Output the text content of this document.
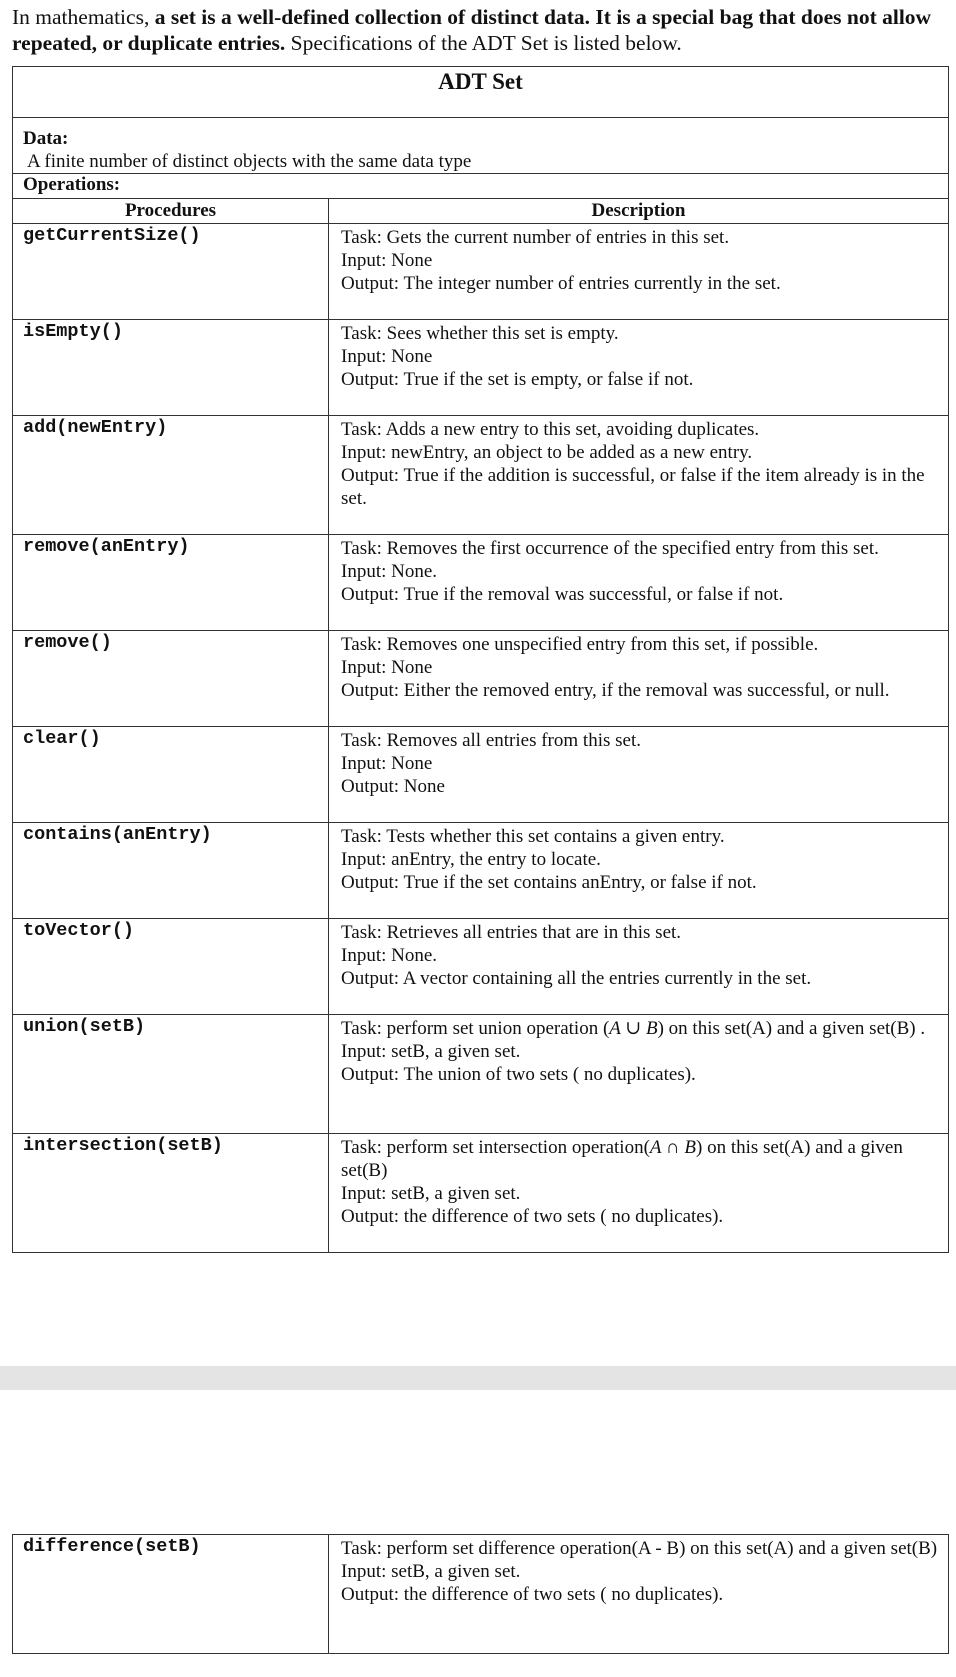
In mathematics, a set is a well-defined collection of distinct data. It is a special bag that does not allow repeated, or duplicate entries. Specifications of the ADT Set is listed below.

ADT Set	

Data:
A finite number of distinct objects with the same data type	

Operations:	
Procedures	Description
getCurrentSize()	Task: Gets the current number of entries in this set.
Input: None
Output: The integer number of entries currently in the set.

isEmpty()	Task: Sees whether this set is empty.
Input: None
Output: True if the set is empty, or false if not.

add(newEntry)	Task: Adds a new entry to this set, avoiding duplicates.
Input: newEntry, an object to be added as a new entry.
Output: True if the addition is successful, or false if the item already is in the set.

remove(anEntry)	Task: Removes the first occurrence of the specified entry from this set.
Input: None.
Output: True if the removal was successful, or false if not.

remove()	Task: Removes one unspecified entry from this set, if possible.
Input: None
Output: Either the removed entry, if the removal was successful, or null.

clear()	Task: Removes all entries from this set.
Input: None
Output: None

contains(anEntry)	Task: Tests whether this set contains a given entry.
Input: anEntry, the entry to locate.
Output: True if the set contains anEntry, or false if not.

toVector()	Task: Retrieves all entries that are in this set.
Input: None.
Output: A vector containing all the entries currently in the set.

union(setB)	Task: perform set union operation (A ∪ B) on this set(A) and a given set(B) .
Input: setB, a given set.
Output: The union of two sets ( no duplicates).

intersection(setB)	Task: perform set intersection operation(A ∩ B) on this set(A) and a given set(B)
Input: setB, a given set.
Output: the difference of two sets ( no duplicates).
difference(setB)	Task: perform set difference operation(A - B) on this set(A) and a given set(B)
Input: setB, a given set.
Output: the difference of two sets ( no duplicates).
